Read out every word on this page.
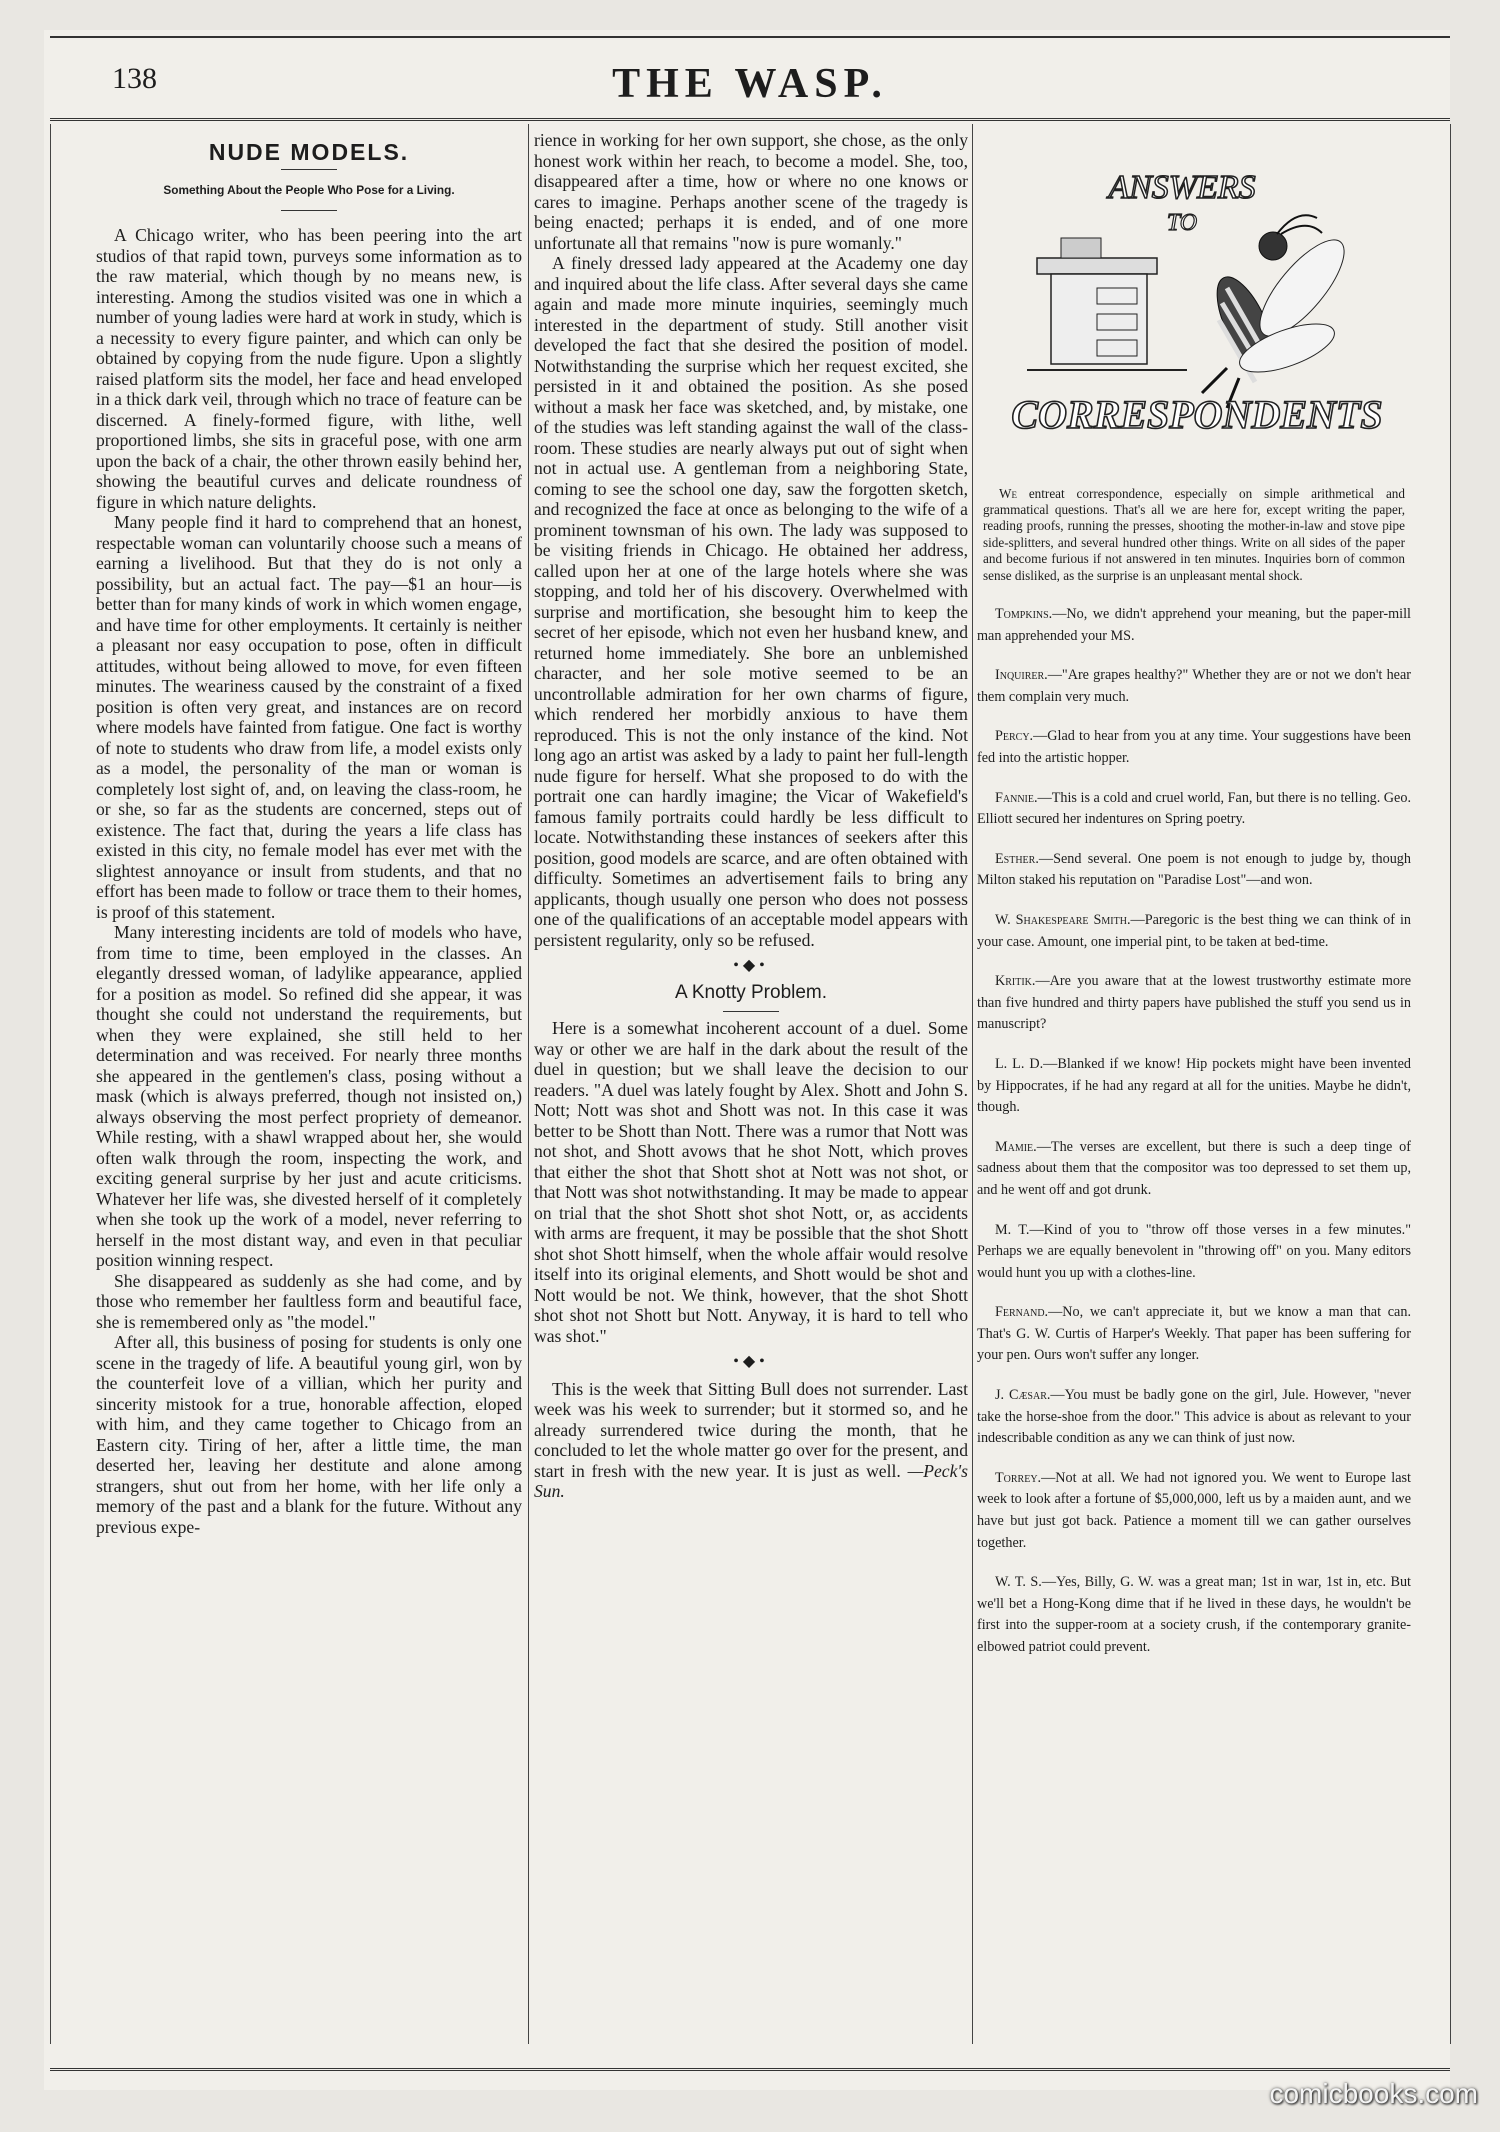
138	THE WASP.
NUDE MODELS.
Something About the People Who Pose for a Living.

A Chicago writer, who has been peering into the art studios of that rapid town, purveys some information as to the raw material, which though by no means new, is interesting. Among the studios visited was one in which a number of young ladies were hard at work in study, which is a necessity to every figure painter, and which can only be obtained by copying from the nude figure. Upon a slightly raised platform sits the model, her face and head enveloped in a thick dark veil, through which no trace of feature can be discerned. A finely-formed figure, with lithe, well proportioned limbs, she sits in graceful pose, with one arm upon the back of a chair, the other thrown easily behind her, showing the beautiful curves and delicate roundness of figure in which nature delights.

Many people find it hard to comprehend that an honest, respectable woman can voluntarily choose such a means of earning a livelihood. But that they do is not only a possibility, but an actual fact. The pay—$1 an hour—is better than for many kinds of work in which women engage, and have time for other employments. It certainly is neither a pleasant nor easy occupation to pose, often in difficult attitudes, without being allowed to move, for even fifteen minutes. The weariness caused by the constraint of a fixed position is often very great, and instances are on record where models have fainted from fatigue. One fact is worthy of note to students who draw from life, a model exists only as a model, the personality of the man or woman is completely lost sight of, and, on leaving the class-room, he or she, so far as the students are concerned, steps out of existence. The fact that, during the years a life class has existed in this city, no female model has ever met with the slightest annoyance or insult from students, and that no effort has been made to follow or trace them to their homes, is proof of this statement.

Many interesting incidents are told of models who have, from time to time, been employed in the classes. An elegantly dressed woman, of ladylike appearance, applied for a position as model. So refined did she appear, it was thought she could not understand the requirements, but when they were explained, she still held to her determination and was received. For nearly three months she appeared in the gentlemen's class, posing without a mask (which is always preferred, though not insisted on,) always observing the most perfect propriety of demeanor. While resting, with a shawl wrapped about her, she would often walk through the room, inspecting the work, and exciting general surprise by her just and acute criticisms. Whatever her life was, she divested herself of it completely when she took up the work of a model, never referring to herself in the most distant way, and even in that peculiar position winning respect.

She disappeared as suddenly as she had come, and by those who remember her faultless form and beautiful face, she is remembered only as "the model."

After all, this business of posing for students is only one scene in the tragedy of life. A beautiful young girl, won by the counterfeit love of a villian, which her purity and sincerity mistook for a true, honorable affection, eloped with him, and they came together to Chicago from an Eastern city. Tiring of her, after a little time, the man deserted her, leaving her destitute and alone among strangers, shut out from her home, with her life only a memory of the past and a blank for the future. Without any previous expe-

rience in working for her own support, she chose, as the only honest work within her reach, to become a model. She, too, disappeared after a time, how or where no one knows or cares to imagine. Perhaps another scene of the tragedy is being enacted; perhaps it is ended, and of one more unfortunate all that remains "now is pure womanly."

A finely dressed lady appeared at the Academy one day and inquired about the life class. After several days she came again and made more minute inquiries, seemingly much interested in the department of study. Still another visit developed the fact that she desired the position of model. Notwithstanding the surprise which her request excited, she persisted in it and obtained the position. As she posed without a mask her face was sketched, and, by mistake, one of the studies was left standing against the wall of the class-room. These studies are nearly always put out of sight when not in actual use. A gentleman from a neighboring State, coming to see the school one day, saw the forgotten sketch, and recognized the face at once as belonging to the wife of a prominent townsman of his own. The lady was supposed to be visiting friends in Chicago. He obtained her address, called upon her at one of the large hotels where she was stopping, and told her of his discovery. Overwhelmed with surprise and mortification, she besought him to keep the secret of her episode, which not even her husband knew, and returned home immediately. She bore an unblemished character, and her sole motive seemed to be an uncontrollable admiration for her own charms of figure, which rendered her morbidly anxious to have them reproduced. This is not the only instance of the kind. Not long ago an artist was asked by a lady to paint her full-length nude figure for herself. What she proposed to do with the portrait one can hardly imagine; the Vicar of Wakefield's famous family portraits could hardly be less difficult to locate. Notwithstanding these instances of seekers after this position, good models are scarce, and are often obtained with difficulty. Sometimes an advertisement fails to bring any applicants, though usually one person who does not possess one of the qualifications of an acceptable model appears with persistent regularity, only so be refused.

•◆•
A Knotty Problem.

Here is a somewhat incoherent account of a duel. Some way or other we are half in the dark about the result of the duel in question; but we shall leave the decision to our readers. "A duel was lately fought by Alex. Shott and John S. Nott; Nott was shot and Shott was not. In this case it was better to be Shott than Nott. There was a rumor that Nott was not shot, and Shott avows that he shot Nott, which proves that either the shot that Shott shot at Nott was not shot, or that Nott was shot notwithstanding. It may be made to appear on trial that the shot Shott shot shot Nott, or, as accidents with arms are frequent, it may be possible that the shot Shott shot shot Shott himself, when the whole affair would resolve itself into its original elements, and Shott would be shot and Nott would be not. We think, however, that the shot Shott shot shot not Shott but Nott. Anyway, it is hard to tell who was shot."

•◆•

This is the week that Sitting Bull does not surrender. Last week was his week to surrender; but it stormed so, and he already surrendered twice during the month, that he concluded to let the whole matter go over for the present, and start in fresh with the new year. It is just as well. —Peck's Sun.

ANSWERS
TO
CORRESPONDENTS

We entreat correspondence, especially on simple arithmetical and grammatical questions. That's all we are here for, except writing the paper, reading proofs, running the presses, shooting the mother-in-law and stove pipe side-splitters, and several hundred other things. Write on all sides of the paper and become furious if not answered in ten minutes. Inquiries born of common sense disliked, as the surprise is an unpleasant mental shock.

Tompkins.—No, we didn't apprehend your meaning, but the paper-mill man apprehended your MS.

Inquirer.—"Are grapes healthy?" Whether they are or not we don't hear them complain very much.

Percy.—Glad to hear from you at any time. Your suggestions have been fed into the artistic hopper.

Fannie.—This is a cold and cruel world, Fan, but there is no telling. Geo. Elliott secured her indentures on Spring poetry.

Esther.—Send several. One poem is not enough to judge by, though Milton staked his reputation on "Paradise Lost"—and won.

W. Shakespeare Smith.—Paregoric is the best thing we can think of in your case. Amount, one imperial pint, to be taken at bed-time.

Kritik.—Are you aware that at the lowest trustworthy estimate more than five hundred and thirty papers have published the stuff you send us in manuscript?

L. L. D.—Blanked if we know! Hip pockets might have been invented by Hippocrates, if he had any regard at all for the unities. Maybe he didn't, though.

Mamie.—The verses are excellent, but there is such a deep tinge of sadness about them that the compositor was too depressed to set them up, and he went off and got drunk.

M. T.—Kind of you to "throw off those verses in a few minutes." Perhaps we are equally benevolent in "throwing off" on you. Many editors would hunt you up with a clothes-line.

Fernand.—No, we can't appreciate it, but we know a man that can. That's G. W. Curtis of Harper's Weekly. That paper has been suffering for your pen. Ours won't suffer any longer.

J. Cæsar.—You must be badly gone on the girl, Jule. However, "never take the horse-shoe from the door." This advice is about as relevant to your indescribable condition as any we can think of just now.

Torrey.—Not at all. We had not ignored you. We went to Europe last week to look after a fortune of $5,000,000, left us by a maiden aunt, and we have but just got back. Patience a moment till we can gather ourselves together.

W. T. S.—Yes, Billy, G. W. was a great man; 1st in war, 1st in, etc. But we'll bet a Hong-Kong dime that if he lived in these days, he wouldn't be first into the supper-room at a society crush, if the contemporary granite-elbowed patriot could prevent.

comicbooks.com
